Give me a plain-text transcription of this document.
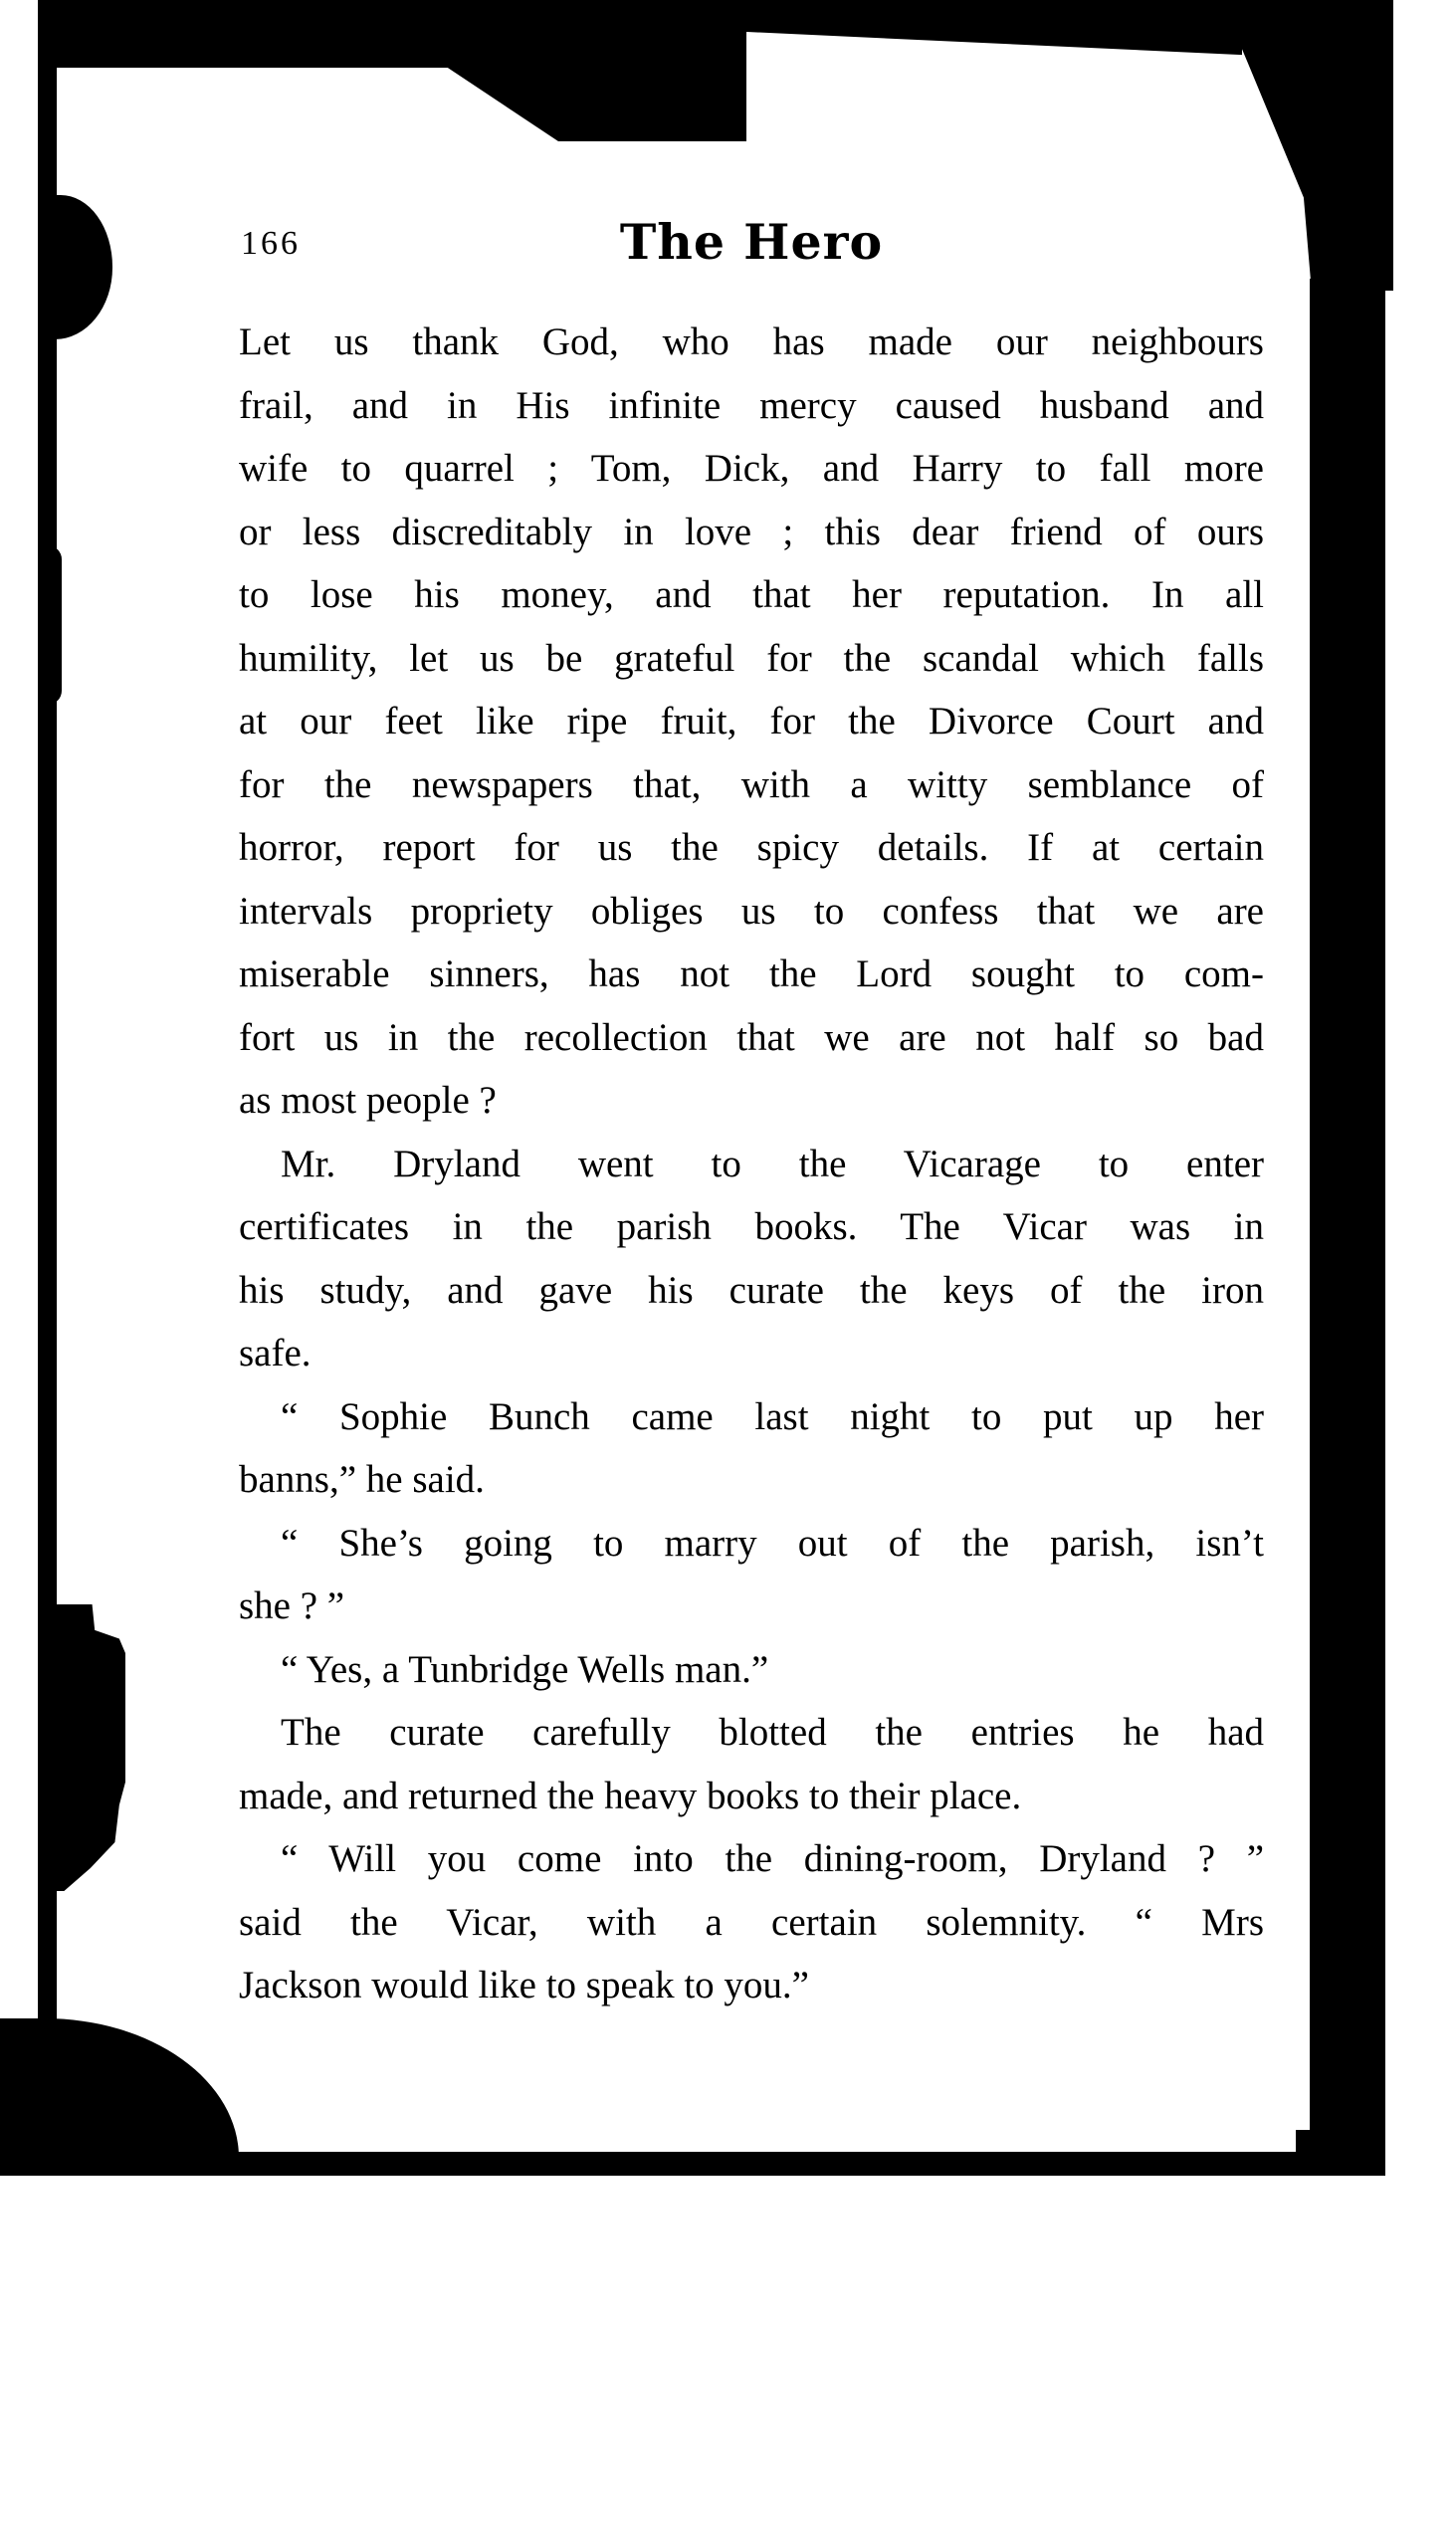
166	The Hero
Let us thank God, who has made our neighbours
frail, and in His infinite mercy caused husband and
wife to quarrel ; Tom, Dick, and Harry to fall more
or less discreditably in love ; this dear friend of ours
to lose his money, and that her reputation. In all
humility, let us be grateful for the scandal which falls
at our feet like ripe fruit, for the Divorce Court and
for the newspapers that, with a witty semblance of
horror, report for us the spicy details. If at certain
intervals propriety obliges us to confess that we are
miserable sinners, has not the Lord sought to com-
fort us in the recollection that we are not half so bad
as most people ?
Mr. Dryland went to the Vicarage to enter
certificates in the parish books. The Vicar was in
his study, and gave his curate the keys of the iron
safe.
“ Sophie Bunch came last night to put up her
banns,” he said.
“ She’s going to marry out of the parish, isn’t
she ? ”
“ Yes, a Tunbridge Wells man.”
The curate carefully blotted the entries he had
made, and returned the heavy books to their place.
“ Will you come into the dining-room, Dryland ? ”
said the Vicar, with a certain solemnity. “ Mrs
Jackson would like to speak to you.”
